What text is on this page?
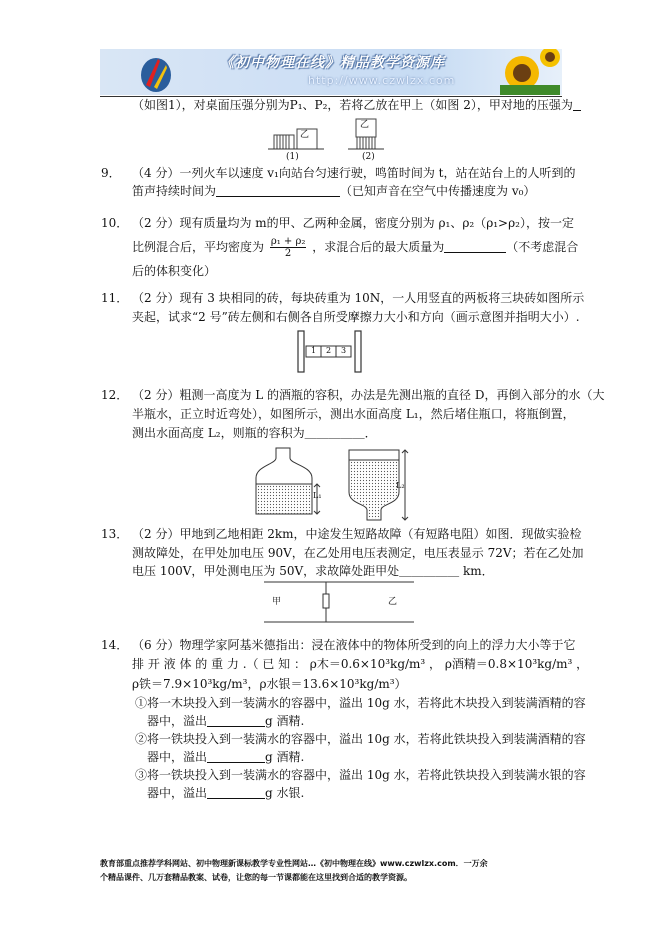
《初中物理在线》精品教学资源库
http://www.czwlzx.com
（如图1），对桌面压强分别为P₁、P₂，若将乙放在甲上（如图 2），甲对地的压强为
乙
乙
(1)	(2)
9． （4 分）一列火车以速度 v₁向站台匀速行驶，鸣笛时间为 t，站在站台上的人听到的
笛声持续时间为	（已知声音在空气中传播速度为 v₀）
10． （2 分）现有质量均为 m的甲、乙两种金属，密度分别为 ρ₁、ρ₂（ρ₁>ρ₂），按一定
比例混合后，平均密度为 $\frac{\text{ρ₁ + ρ₂}}{2}$ ，求混合后的最大质量为	（不考虑混合
后的体积变化）
11． （2 分）现有 3 块相同的砖，每块砖重为 10N，一人用竖直的两板将三块砖如图所示
夹起，试求“2 号”砖左侧和右侧各自所受摩擦力大小和方向（画示意图并指明大小）.
1 2 3
12． （2 分）粗测一高度为 L 的酒瓶的容积，办法是先测出瓶的直径 D，再倒入部分的水（大
半瓶水，正立时近弯处），如图所示，测出水面高度 L₁，然后堵住瓶口，将瓶倒置，
测出水面高度 L₂，则瓶的容积为＿＿＿＿＿．
L₁
L₂
13． （2 分）甲地到乙地相距 2km，中途发生短路故障（有短路电阻）如图．现做实验检
测故障处，在甲处加电压 90V，在乙处用电压表测定，电压表显示 72V；若在乙处加
电压 100V，甲处测电压为 50V，求故障处距甲处＿＿＿＿＿ km．
甲	乙
14． （6 分）物理学家阿基米德指出：浸在液体中的物体所受到的向上的浮力大小等于它
排 开 液 体 的 重 力 .（ 已 知 ： ρ木＝0.6×10³kg/m³ ， ρ酒精＝0.8×10³kg/m³ ，
ρ铁＝7.9×10³kg/m³，ρ水银＝13.6×10³kg/m³）
①将一木块投入到一装满水的容器中，溢出 10g 水，若将此木块投入到装满酒精的容
器中，溢出	g 酒精.
②将一铁块投入到一装满水的容器中，溢出 10g 水，若将此铁块投入到装满酒精的容
器中，溢出	g 酒精.
③将一铁块投入到一装满水的容器中，溢出 10g 水，若将此铁块投入到装满水银的容
器中，溢出	g 水银.
教育部重点推荐学科网站、初中物理新课标教学专业性网站…《初中物理在线》www.czwlzx.com．一万余
个精品课件、几万套精品教案、试卷，让您的每一节课都能在这里找到合适的教学资源。
